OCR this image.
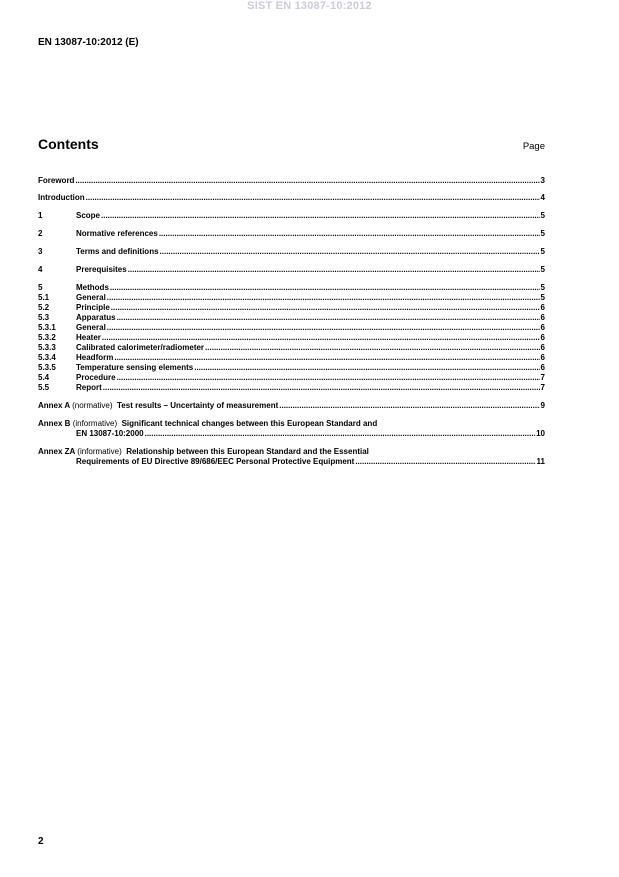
SIST EN 13087-10:2012
EN 13087-10:2012 (E)
Contents	Page
Foreword .....	3
Introduction .....	4
1	Scope .....	5
2	Normative references .....	5
3	Terms and definitions .....	5
4	Prerequisites .....	5
5	Methods .....	5
5.1	General .....	5
5.2	Principle .....	6
5.3	Apparatus .....	6
5.3.1	General .....	6
5.3.2	Heater .....	6
5.3.3	Calibrated calorimeter/radiometer .....	6
5.3.4	Headform .....	6
5.3.5	Temperature sensing elements .....	6
5.4	Procedure .....	7
5.5	Report .....	7
Annex A (normative) Test results – Uncertainty of measurement .....	9
Annex B (informative) Significant technical changes between this European Standard and
EN 13087-10:2000 .....	10
Annex ZA (informative) Relationship between this European Standard and the Essential
Requirements of EU Directive 89/686/EEC Personal Protective Equipment .....	11
2
